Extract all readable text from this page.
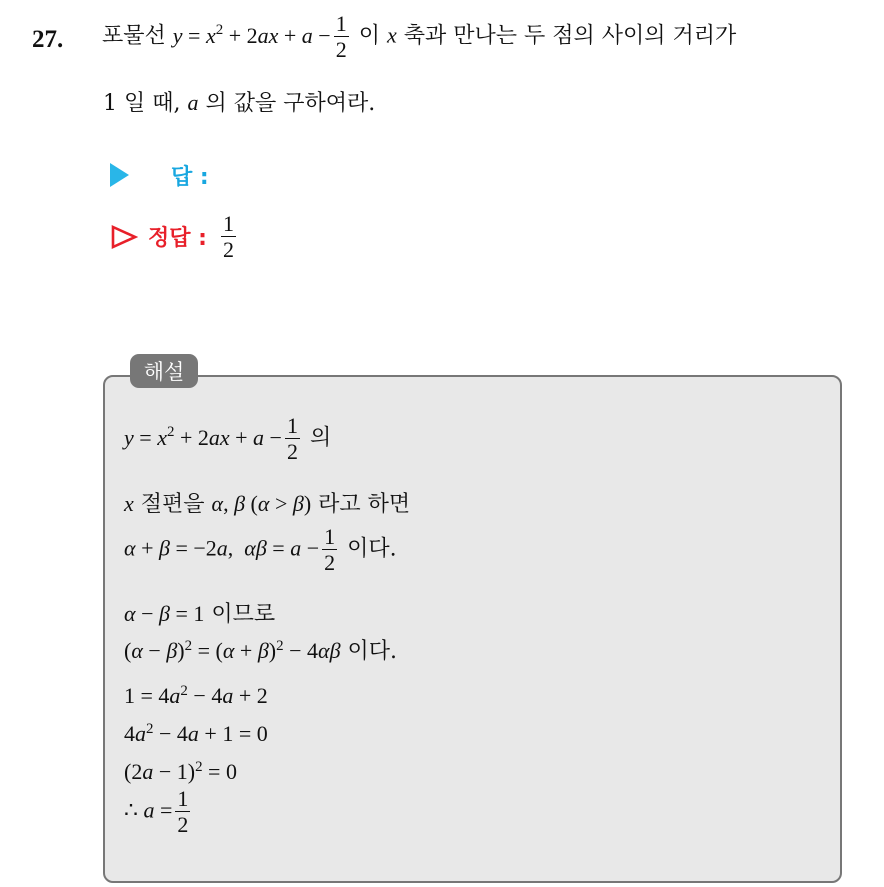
27. 포물선 $y = x^2 + 2ax + a - \frac{1}{2}$ 이 x 축과 만나는 두 점의 사이의 거리가
1 일 때, a 의 값을 구하여라.
답 :
정답 : $\frac{1}{2}$
해설
$y = x^2 + 2ax + a - \frac{1}{2}$ 의
x 절편을 α, β (α > β) 라고 하면
α + β = −2a,  $\alpha\beta = a - \frac{1}{2}$ 이다.
α − β = 1 이므로
$(\alpha - \beta)^2 = (\alpha + \beta)^2 - 4\alpha\beta$ 이다.
$1 = 4a^2 - 4a + 2$
$4a^2 - 4a + 1 = 0$
$(2a - 1)^2 = 0$
∴ $a = \frac{1}{2}$
